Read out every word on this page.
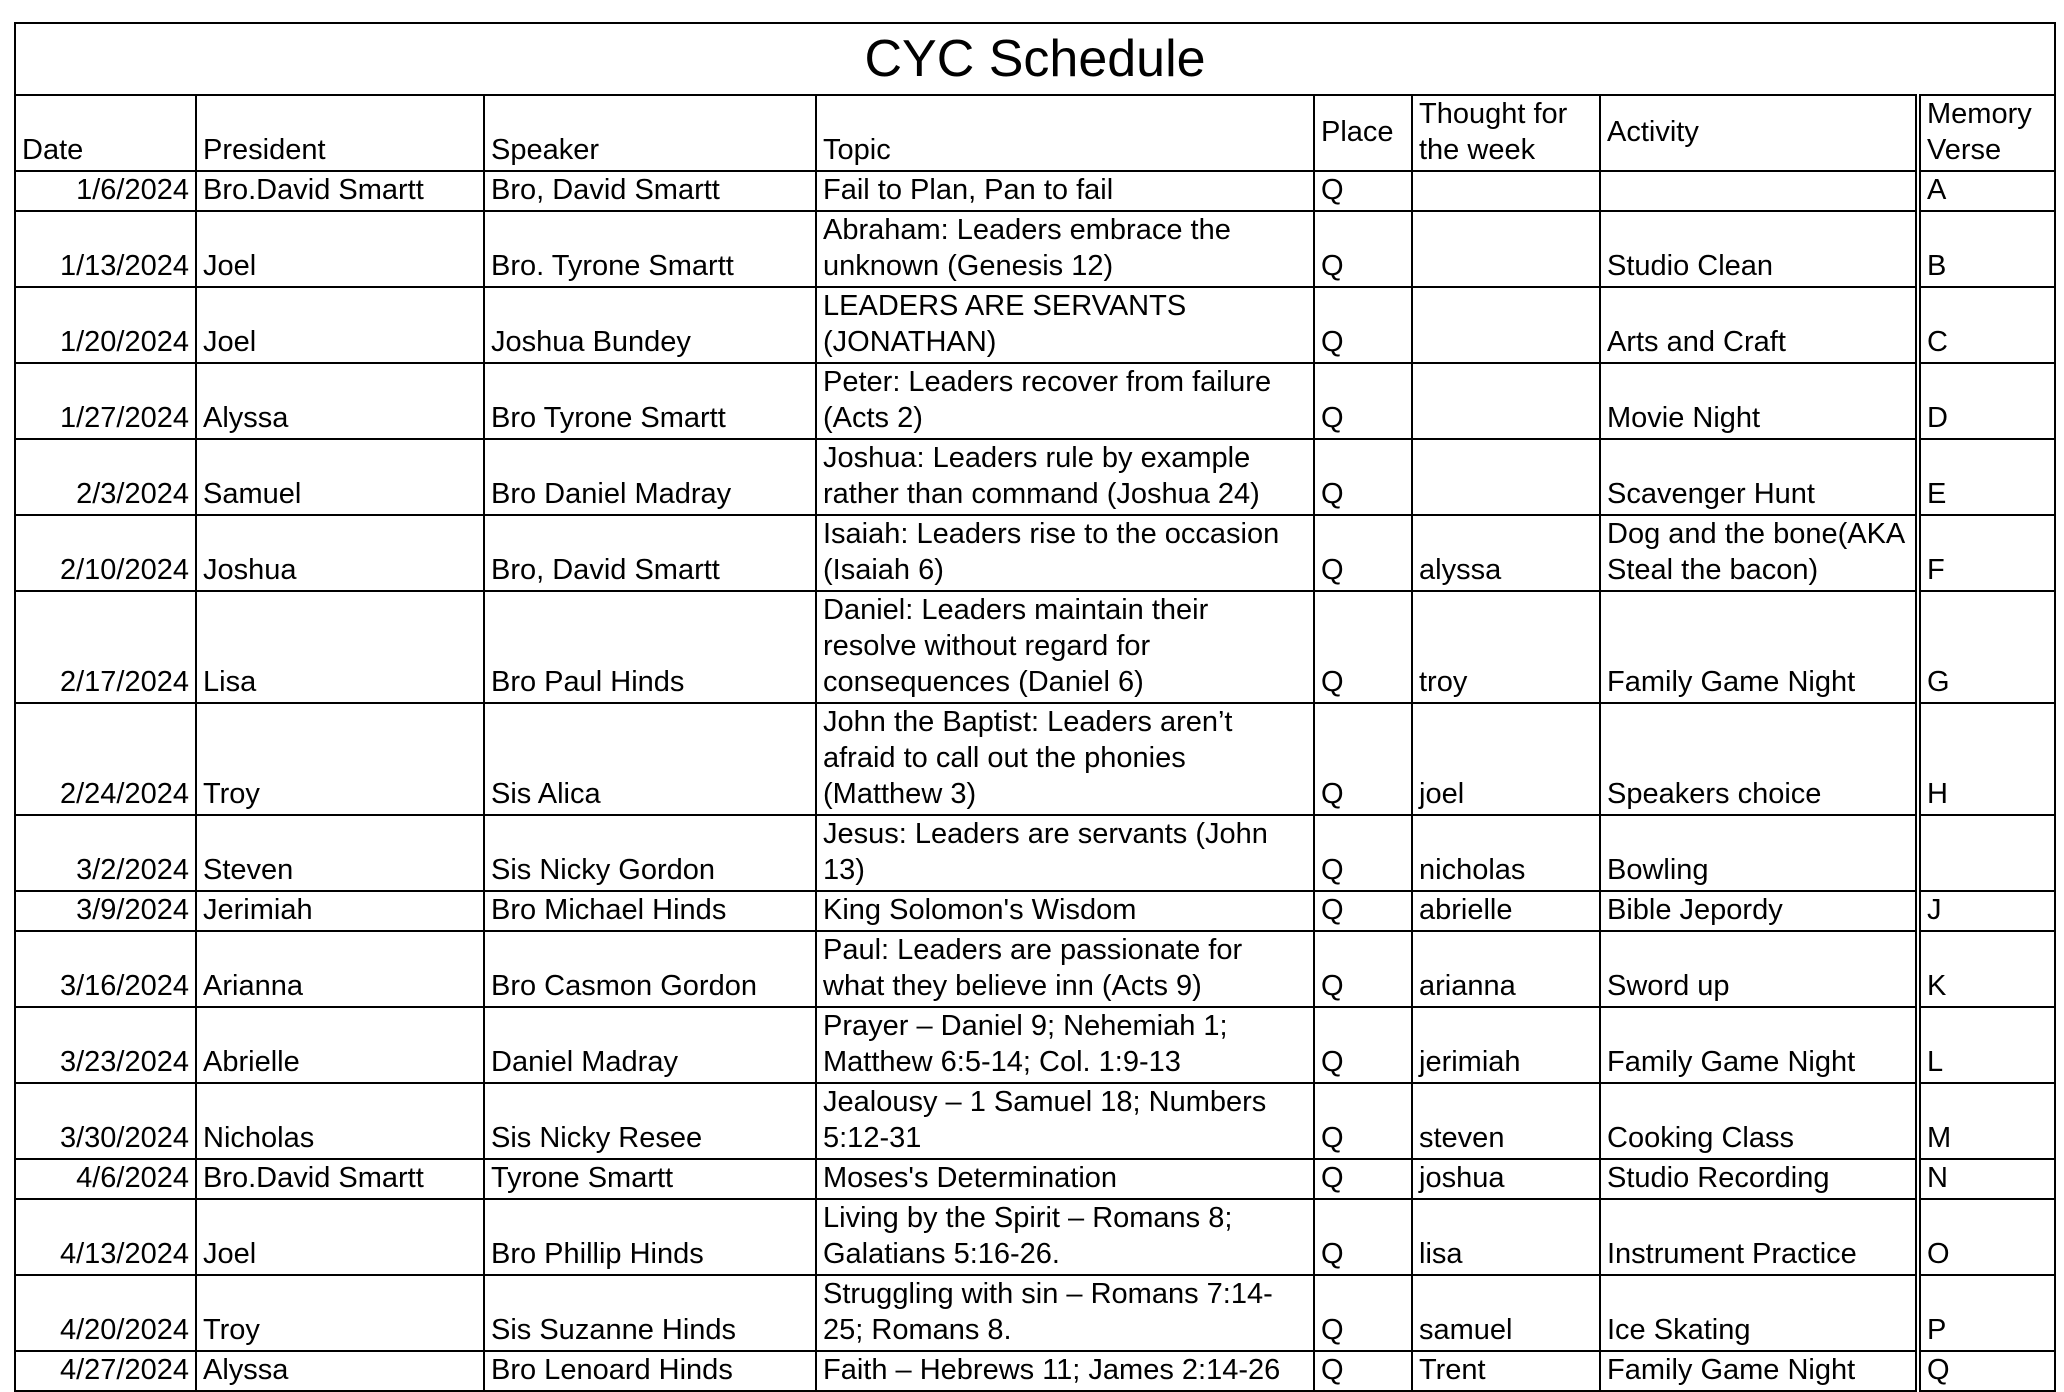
CYC Schedule							
Date	President	Speaker	Topic	Place	Thought for the week	Activity	Memory Verse
1/6/2024	Bro.David Smartt	Bro, David Smartt	Fail to Plan, Pan to fail	Q			A
1/13/2024	Joel	Bro. Tyrone Smartt	Abraham: Leaders embrace the unknown (Genesis 12)	Q		Studio Clean	B
1/20/2024	Joel	Joshua Bundey	LEADERS ARE SERVANTS (JONATHAN)	Q		Arts and Craft	C
1/27/2024	Alyssa	Bro Tyrone Smartt	Peter: Leaders recover from failure (Acts 2)	Q		Movie Night	D
2/3/2024	Samuel	Bro Daniel Madray	Joshua: Leaders rule by example rather than command (Joshua 24)	Q		Scavenger Hunt	E
2/10/2024	Joshua	Bro, David Smartt	Isaiah: Leaders rise to the occasion (Isaiah 6)	Q	alyssa	Dog and the bone(AKA Steal the bacon)	F
2/17/2024	Lisa	Bro Paul Hinds	Daniel: Leaders maintain their resolve without regard for consequences (Daniel 6)	Q	troy	Family Game Night	G
2/24/2024	Troy	Sis Alica	John the Baptist: Leaders aren’t afraid to call out the phonies (Matthew 3)	Q	joel	Speakers choice	H
3/2/2024	Steven	Sis Nicky Gordon	Jesus: Leaders are servants (John 13)	Q	nicholas	Bowling	
3/9/2024	Jerimiah	Bro Michael Hinds	King Solomon's Wisdom	Q	abrielle	Bible Jepordy	J
3/16/2024	Arianna	Bro Casmon Gordon	Paul: Leaders are passionate for what they believe inn (Acts 9)	Q	arianna	Sword up	K
3/23/2024	Abrielle	Daniel Madray	Prayer – Daniel 9; Nehemiah 1; Matthew 6:5-14; Col. 1:9-13	Q	jerimiah	Family Game Night	L
3/30/2024	Nicholas	Sis Nicky Resee	Jealousy – 1 Samuel 18; Numbers 5:12-31	Q	steven	Cooking Class	M
4/6/2024	Bro.David Smartt	Tyrone Smartt	Moses's Determination	Q	joshua	Studio Recording	N
4/13/2024	Joel	Bro Phillip Hinds	Living by the Spirit – Romans 8; Galatians 5:16-26.	Q	lisa	Instrument Practice	O
4/20/2024	Troy	Sis Suzanne Hinds	Struggling with sin – Romans 7:14-25; Romans 8.	Q	samuel	Ice Skating	P
4/27/2024	Alyssa	Bro Lenoard Hinds	Faith – Hebrews 11; James 2:14-26	Q	Trent	Family Game Night	Q
